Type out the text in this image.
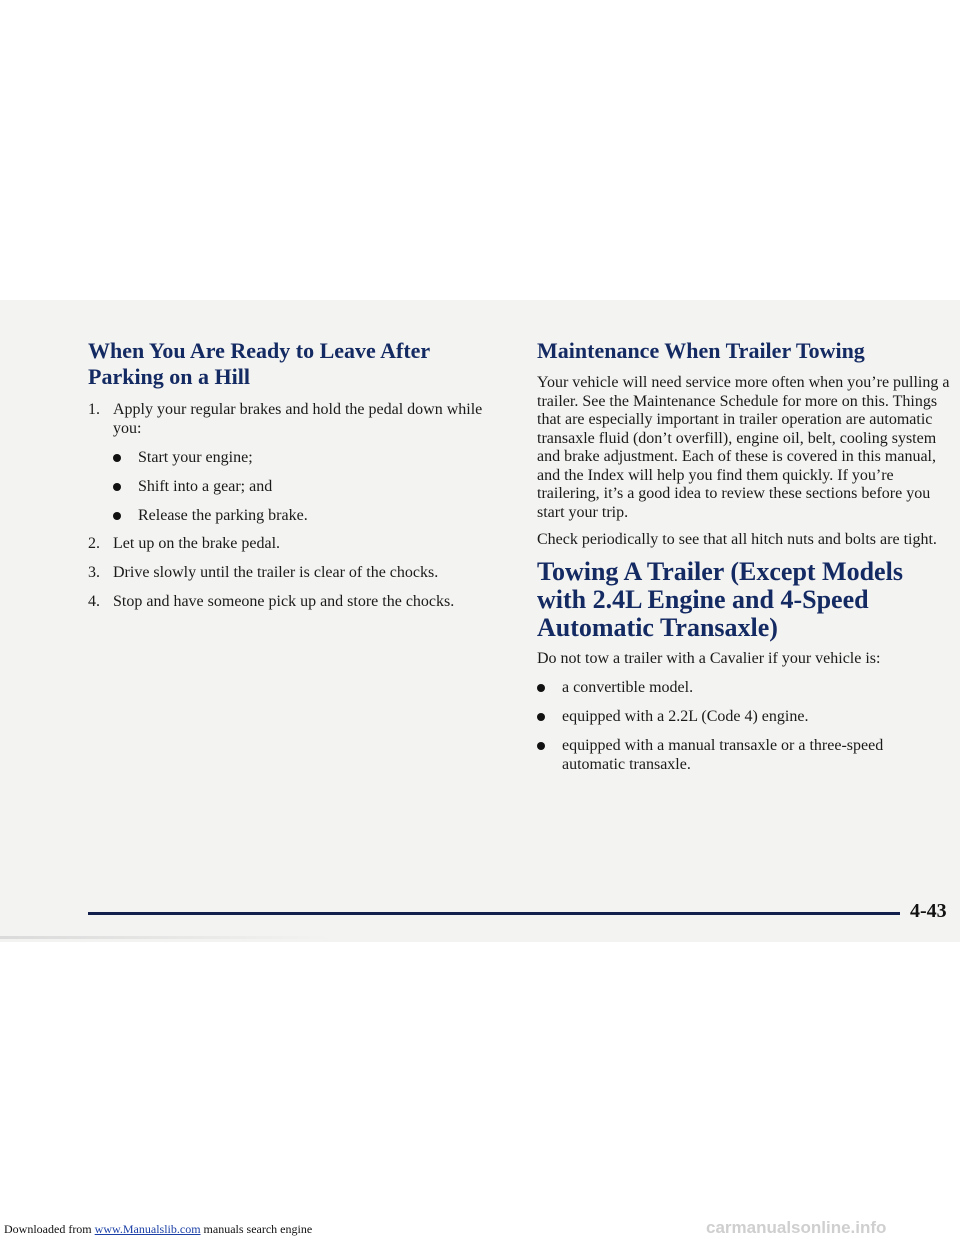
When You Are Ready to Leave After Parking on a Hill
1. Apply your regular brakes and hold the pedal down while you:
Start your engine;
Shift into a gear; and
Release the parking brake.
2. Let up on the brake pedal.
3. Drive slowly until the trailer is clear of the chocks.
4. Stop and have someone pick up and store the chocks.
Maintenance When Trailer Towing

Your vehicle will need service more often when you’re pulling a trailer. See the Maintenance Schedule for more on this. Things that are especially important in trailer operation are automatic transaxle fluid (don’t overfill), engine oil, belt, cooling system and brake adjustment. Each of these is covered in this manual, and the Index will help you find them quickly. If you’re trailering, it’s a good idea to review these sections before you start your trip.

Check periodically to see that all hitch nuts and bolts are tight.

Towing A Trailer (Except Models with 2.4L Engine and 4-Speed Automatic Transaxle)

Do not tow a trailer with a Cavalier if your vehicle is:

a convertible model.
equipped with a 2.2L (Code 4) engine.
equipped with a manual transaxle or a three-speed automatic transaxle.
4-43
Downloaded from www.Manualslib.com manuals search engine	carmanualsonline.info
